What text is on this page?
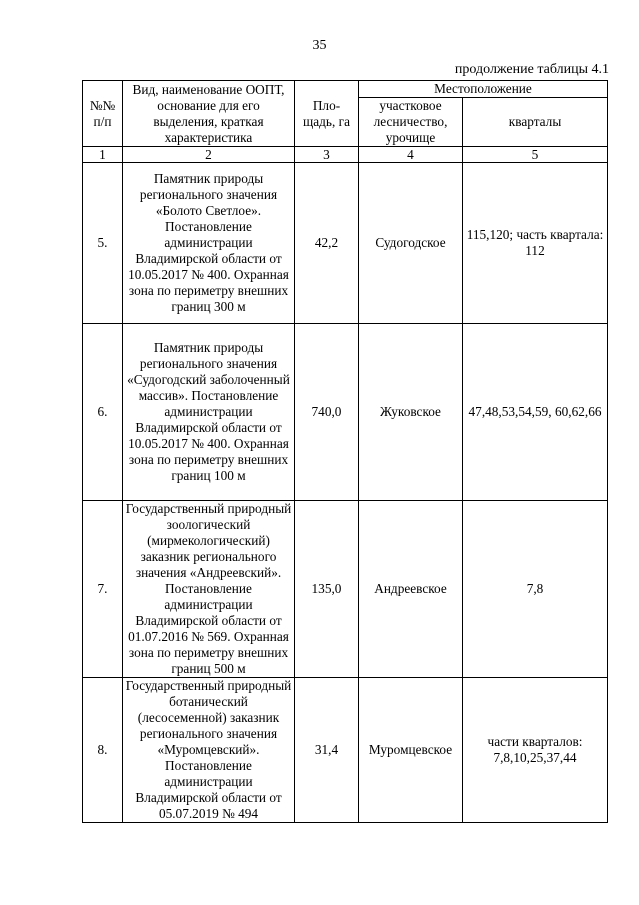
35
продолжение таблицы 4.1
№№ п/п	Вид, наименование ООПТ, основание для его выделения, краткая характеристика	Пло-щадь, га	Местоположение	
			участковое лесничество, урочище	кварталы
1	2	3	4	5
5.	Памятник природы регионального значения «Болото Светлое». Постановление администрации Владимирской области от 10.05.2017 № 400. Охранная зона по периметру внешних границ 300 м	42,2	Судогодское	115,120; часть квартала: 112
6.	Памятник природы регионального значения «Судогодский заболоченный массив». Постановление администрации Владимирской области от 10.05.2017 № 400. Охранная зона по периметру внешних границ 100 м	740,0	Жуковское	47,48,53,54,59, 60,62,66
7.	Государственный природный зоологический (мирмекологический) заказник регионального значения «Андреевский». Постановление администрации Владимирской области от 01.07.2016 № 569. Охранная зона по периметру внешних границ 500 м	135,0	Андреевское	7,8
8.	Государственный природный ботанический (лесосеменной) заказник регионального значения «Муромцевский». Постановление администрации Владимирской области от 05.07.2019 № 494	31,4	Муромцевское	части кварталов: 7,8,10,25,37,44
